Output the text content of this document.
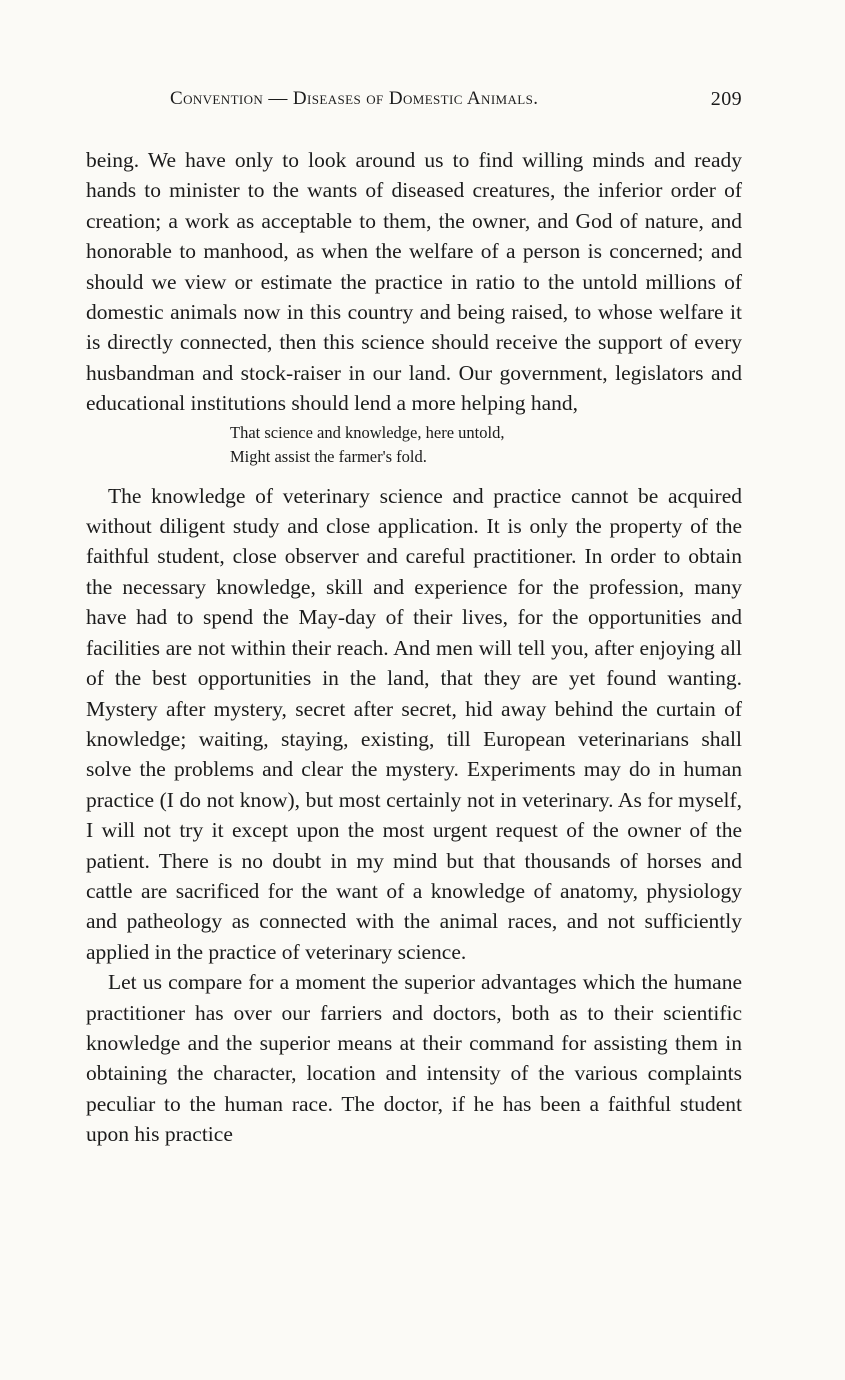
Convention — Diseases of Domestic Animals.	209

being. We have only to look around us to find willing minds and ready hands to minister to the wants of diseased creatures, the inferior order of creation; a work as acceptable to them, the owner, and God of nature, and honorable to manhood, as when the welfare of a person is concerned; and should we view or estimate the practice in ratio to the untold millions of domestic animals now in this country and being raised, to whose welfare it is directly connected, then this science should receive the support of every husbandman and stock-raiser in our land. Our government, legislators and educational institutions should lend a more helping hand,

That science and knowledge, here untold,
Might assist the farmer's fold.

The knowledge of veterinary science and practice cannot be acquired without diligent study and close application. It is only the property of the faithful student, close observer and careful practitioner. In order to obtain the necessary knowledge, skill and experience for the profession, many have had to spend the May-day of their lives, for the opportunities and facilities are not within their reach. And men will tell you, after enjoying all of the best opportunities in the land, that they are yet found wanting. Mystery after mystery, secret after secret, hid away behind the curtain of knowledge; waiting, staying, existing, till European veterinarians shall solve the problems and clear the mystery. Experiments may do in human practice (I do not know), but most certainly not in veterinary. As for myself, I will not try it except upon the most urgent request of the owner of the patient. There is no doubt in my mind but that thousands of horses and cattle are sacrificed for the want of a knowledge of anatomy, physiology and patheology as connected with the animal races, and not sufficiently applied in the practice of veterinary science.

Let us compare for a moment the superior advantages which the humane practitioner has over our farriers and doctors, both as to their scientific knowledge and the superior means at their command for assisting them in obtaining the character, location and intensity of the various complaints peculiar to the human race. The doctor, if he has been a faithful student upon his practice
